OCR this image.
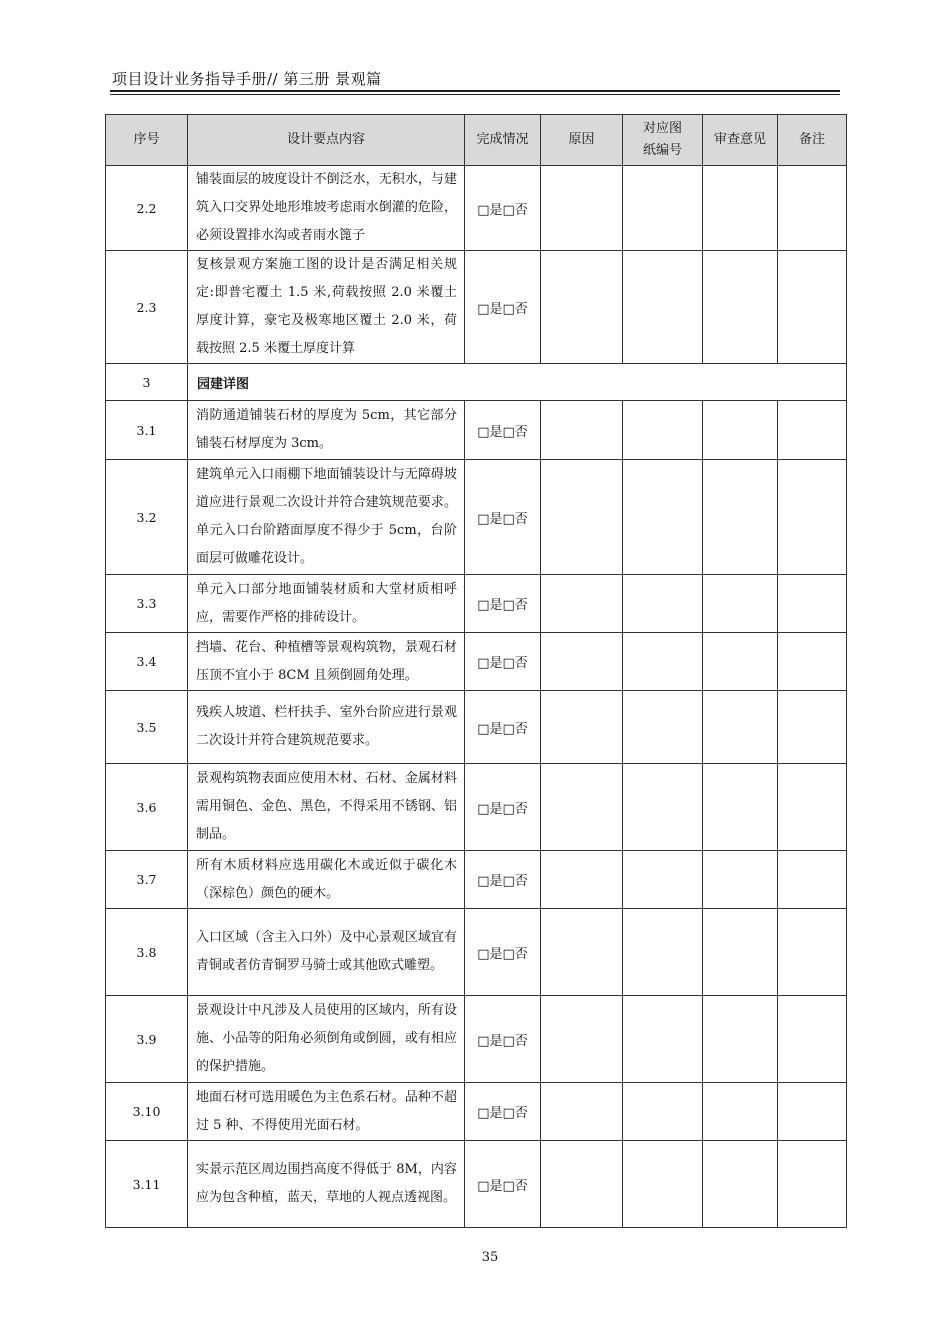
项目设计业务指导手册// 第三册 景观篇
序号	设计要点内容	完成情况	原因	对应图纸编号	审查意见	备注
2.2	铺装面层的坡度设计不倒泛水，无积水，与建筑入口交界处地形堆坡考虑雨水倒灌的危险，必须设置排水沟或者雨水篦子	□是□否				
2.3	复核景观方案施工图的设计是否满足相关规定:即普宅覆土 1.5 米,荷载按照 2.0 米覆土厚度计算，豪宅及极寒地区覆土 2.0 米，荷载按照 2.5 米覆土厚度计算	□是□否				
3	园建详图					
3.1	消防通道铺装石材的厚度为 5cm，其它部分铺装石材厚度为 3cm。	□是□否				
3.2	建筑单元入口雨棚下地面铺装设计与无障碍坡道应进行景观二次设计并符合建筑规范要求。单元入口台阶踏面厚度不得少于 5cm，台阶面层可做雕花设计。	□是□否				
3.3	单元入口部分地面铺装材质和大堂材质相呼应，需要作严格的排砖设计。	□是□否				
3.4	挡墙、花台、种植槽等景观构筑物，景观石材压顶不宜小于 8CM 且须倒圆角处理。	□是□否				
3.5	残疾人坡道、栏杆扶手、室外台阶应进行景观二次设计并符合建筑规范要求。	□是□否				
3.6	景观构筑物表面应使用木材、石材、金属材料需用铜色、金色、黑色，不得采用不锈钢、铝制品。	□是□否				
3.7	所有木质材料应选用碳化木或近似于碳化木（深棕色）颜色的硬木。	□是□否				
3.8	入口区域（含主入口外）及中心景观区域宜有青铜或者仿青铜罗马骑士或其他欧式雕塑。	□是□否				
3.9	景观设计中凡涉及人员使用的区域内，所有设施、小品等的阳角必须倒角或倒圆，或有相应的保护措施。	□是□否				
3.10	地面石材可选用暖色为主色系石材。品种不超过 5 种、不得使用光面石材。	□是□否				
3.11	实景示范区周边围挡高度不得低于 8M，内容应为包含种植，蓝天，草地的人视点透视图。	□是□否				
35
